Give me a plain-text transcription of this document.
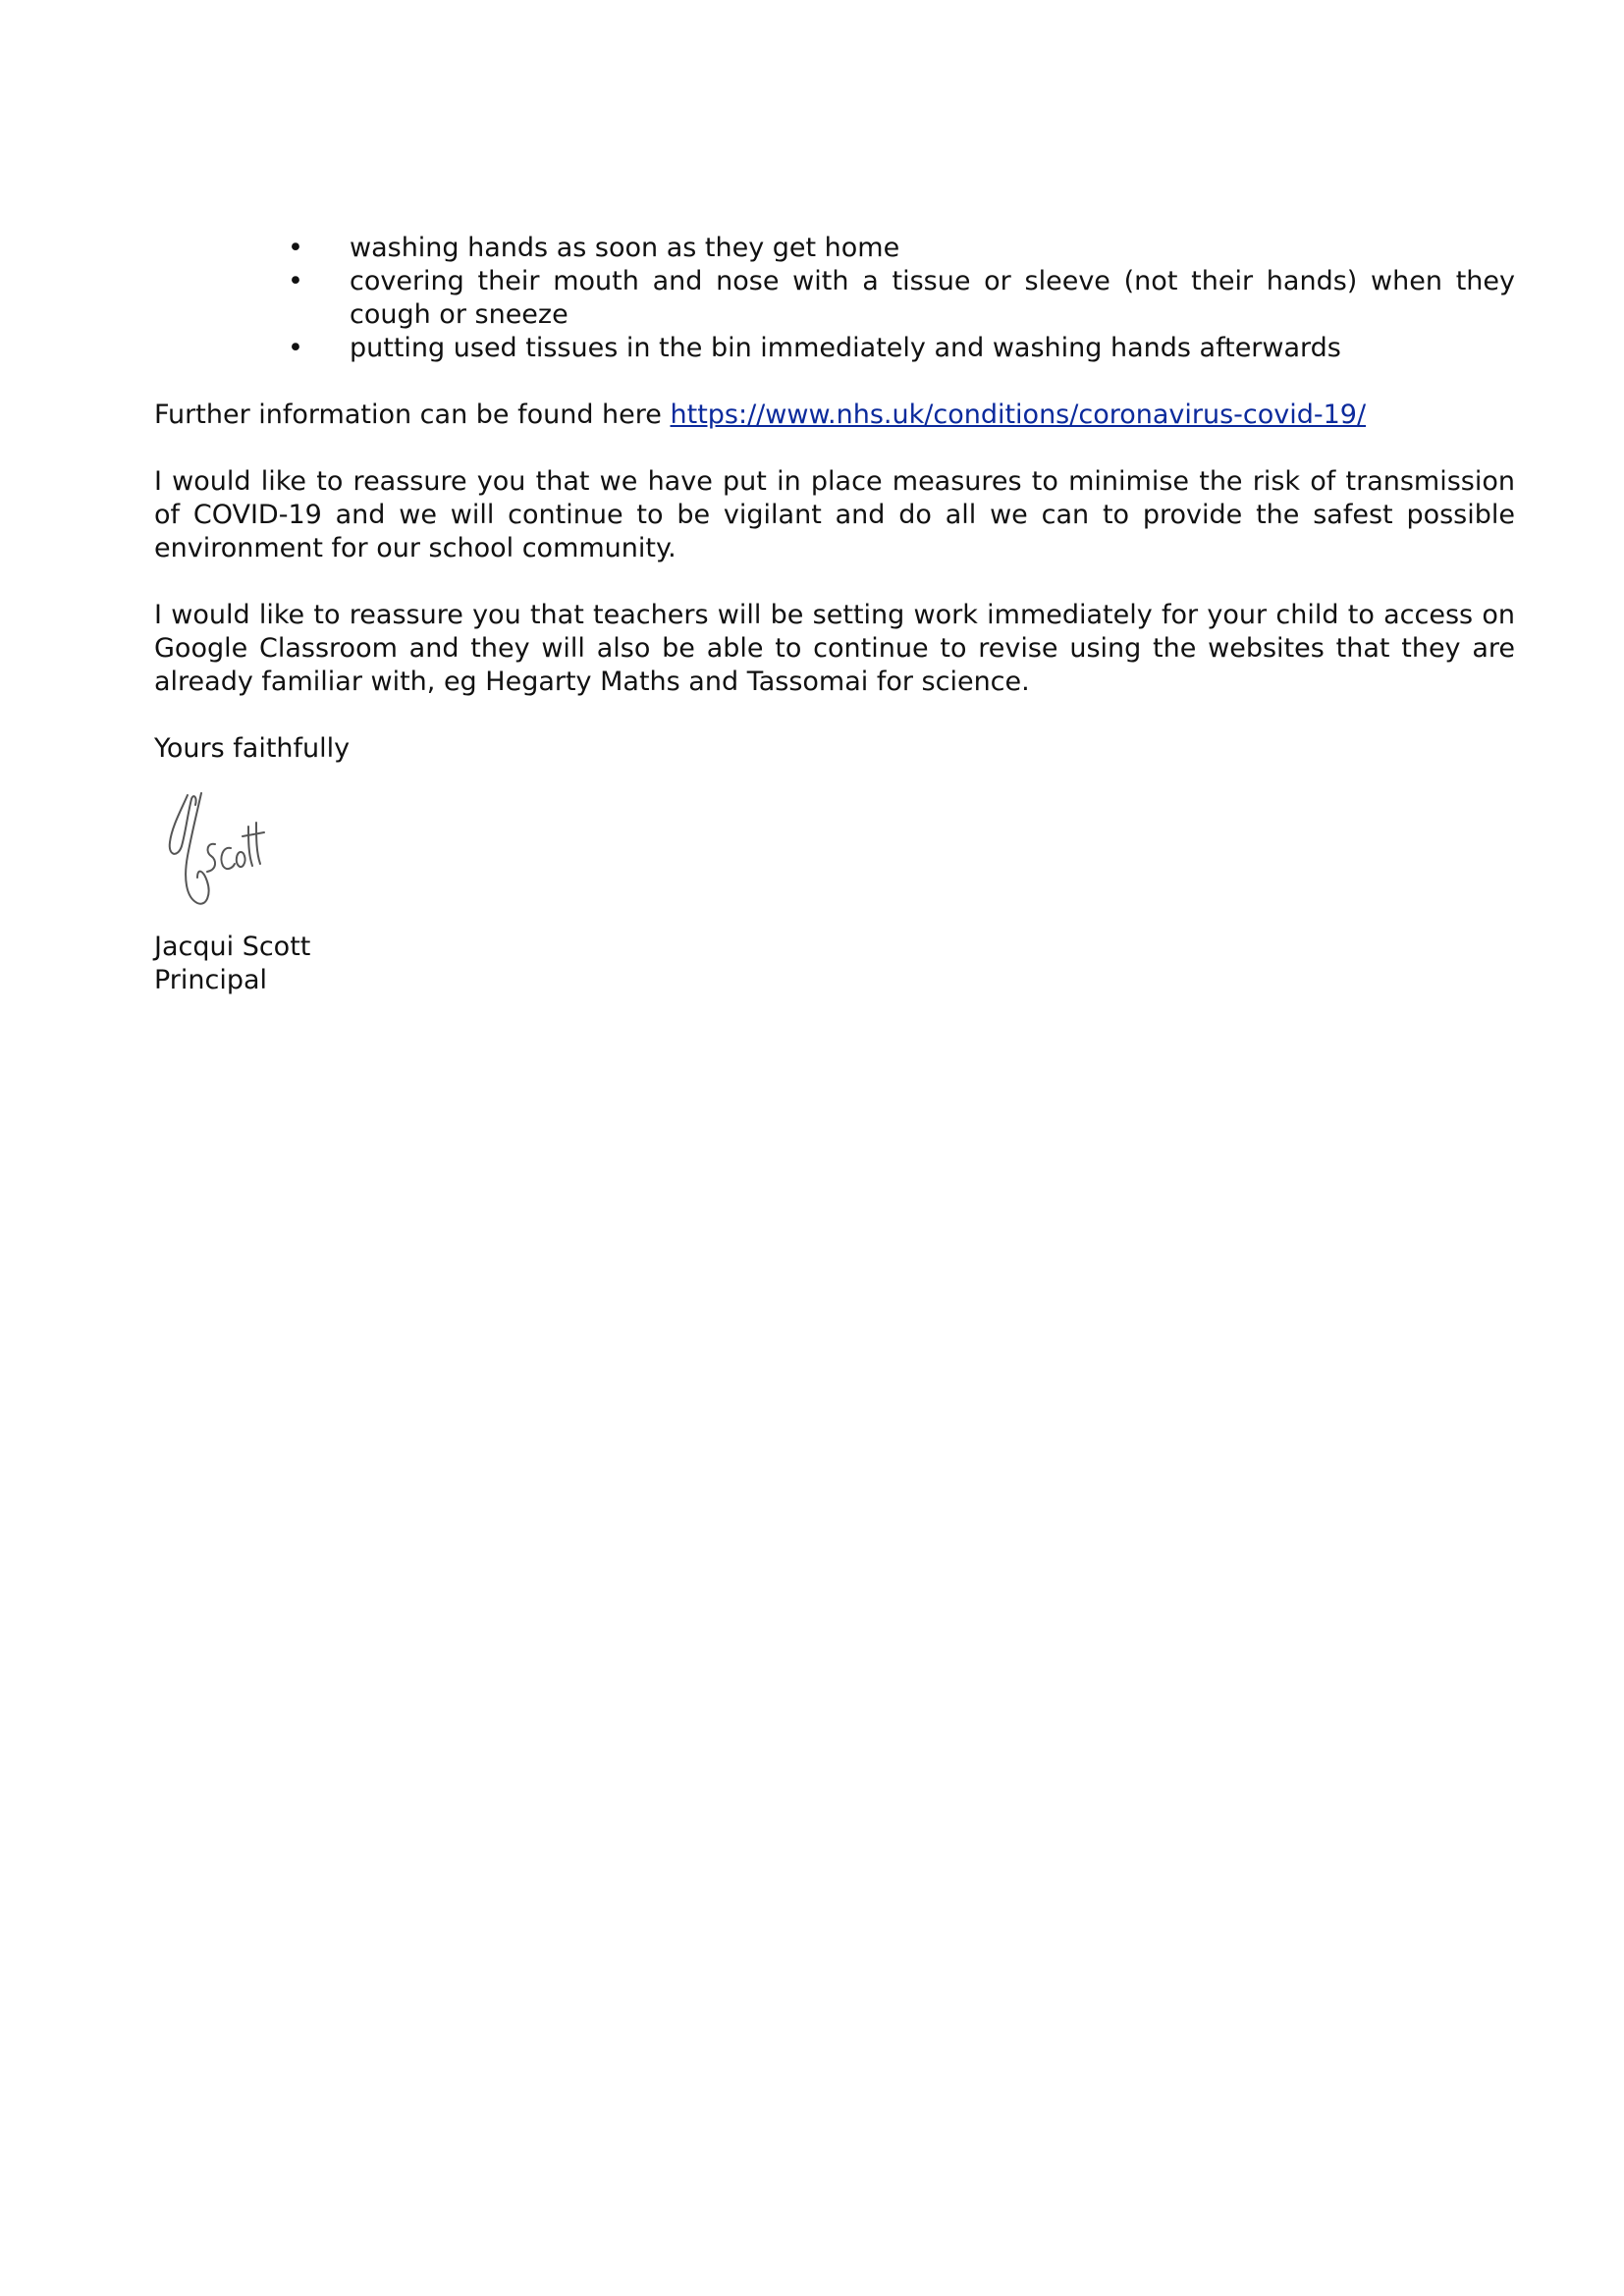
• washing hands as soon as they get home
• covering their mouth and nose with a tissue or sleeve (not their hands) when they cough or sneeze
• putting used tissues in the bin immediately and washing hands afterwards

Further information can be found here https://www.nhs.uk/conditions/coronavirus-covid-19/

I would like to reassure you that we have put in place measures to minimise the risk of transmission of COVID-19 and we will continue to be vigilant and do all we can to provide the safest possible environment for our school community.

I would like to reassure you that teachers will be setting work immediately for your child to access on Google Classroom and they will also be able to continue to revise using the websites that they are already familiar with, eg Hegarty Maths and Tassomai for science.

Yours faithfully
Jacqui Scott
Principal
